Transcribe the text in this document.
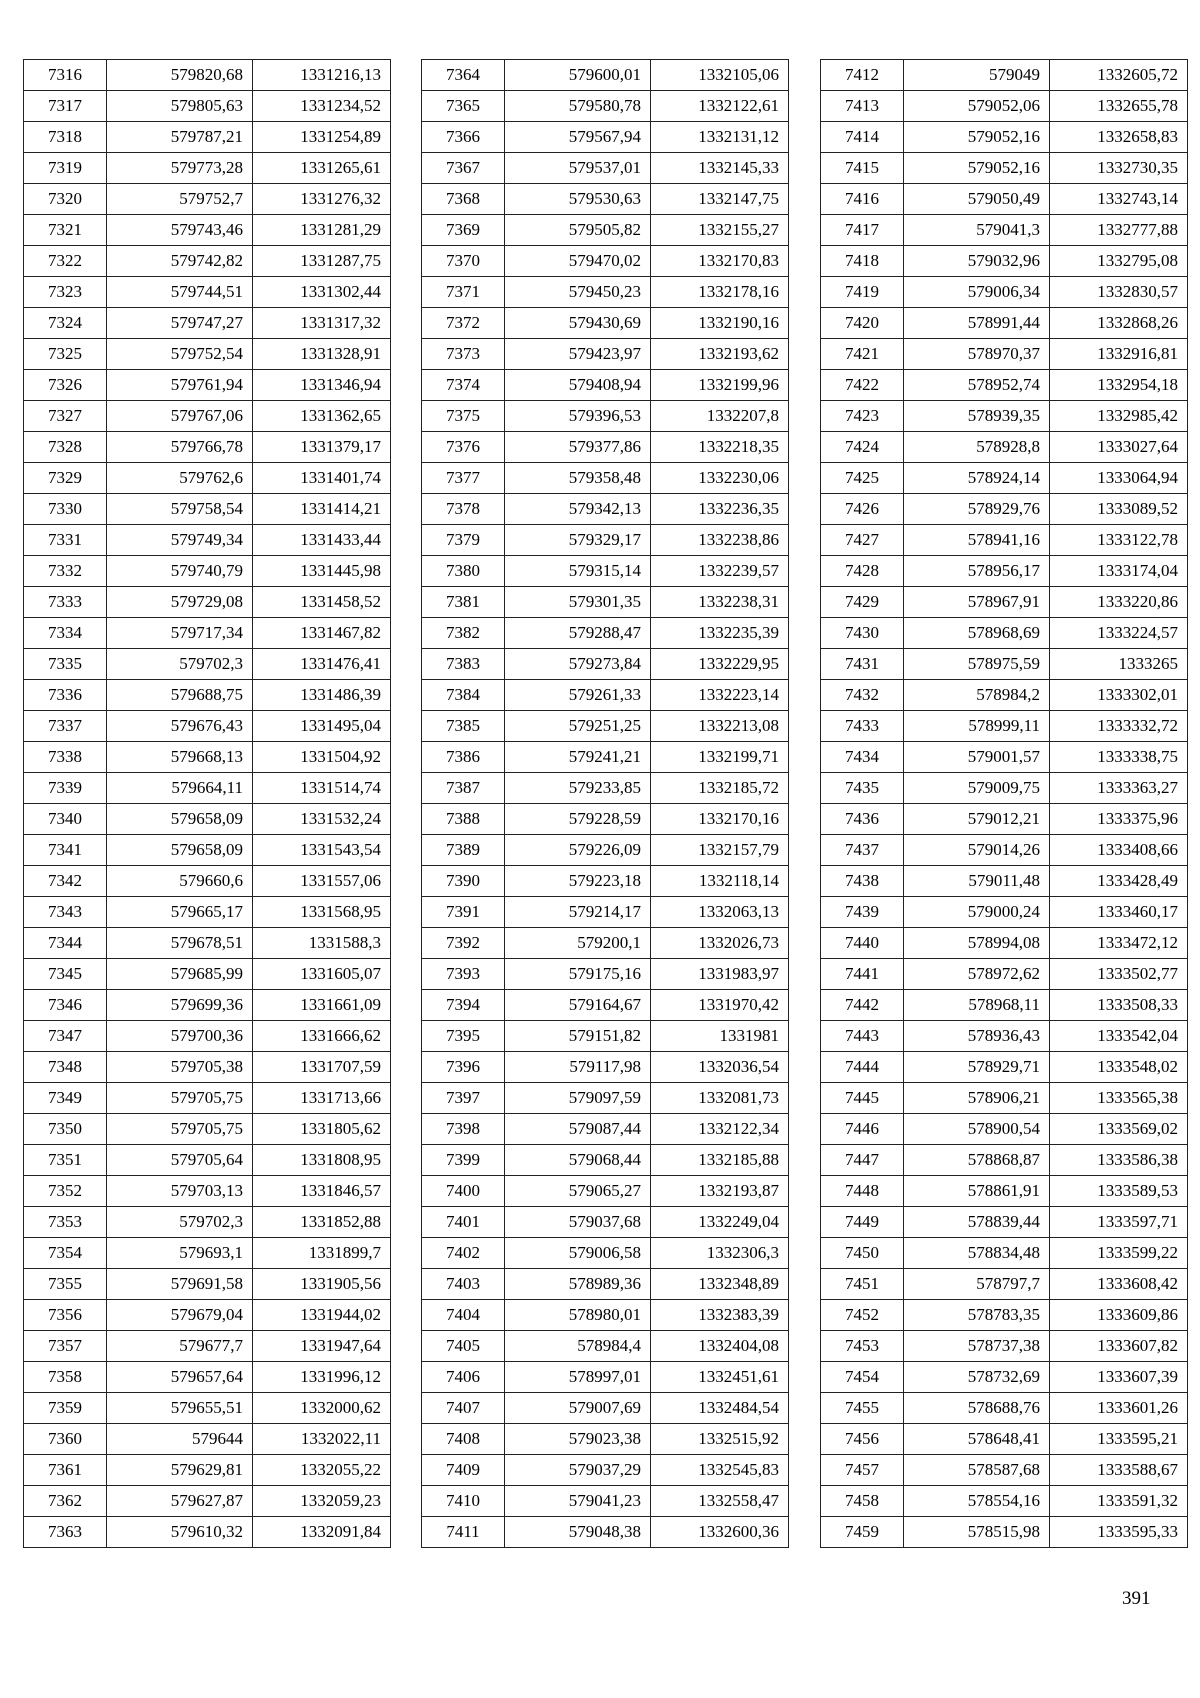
7316	579820,68	1331216,13
7317	579805,63	1331234,52
7318	579787,21	1331254,89
7319	579773,28	1331265,61
7320	579752,7	1331276,32
7321	579743,46	1331281,29
7322	579742,82	1331287,75
7323	579744,51	1331302,44
7324	579747,27	1331317,32
7325	579752,54	1331328,91
7326	579761,94	1331346,94
7327	579767,06	1331362,65
7328	579766,78	1331379,17
7329	579762,6	1331401,74
7330	579758,54	1331414,21
7331	579749,34	1331433,44
7332	579740,79	1331445,98
7333	579729,08	1331458,52
7334	579717,34	1331467,82
7335	579702,3	1331476,41
7336	579688,75	1331486,39
7337	579676,43	1331495,04
7338	579668,13	1331504,92
7339	579664,11	1331514,74
7340	579658,09	1331532,24
7341	579658,09	1331543,54
7342	579660,6	1331557,06
7343	579665,17	1331568,95
7344	579678,51	1331588,3
7345	579685,99	1331605,07
7346	579699,36	1331661,09
7347	579700,36	1331666,62
7348	579705,38	1331707,59
7349	579705,75	1331713,66
7350	579705,75	1331805,62
7351	579705,64	1331808,95
7352	579703,13	1331846,57
7353	579702,3	1331852,88
7354	579693,1	1331899,7
7355	579691,58	1331905,56
7356	579679,04	1331944,02
7357	579677,7	1331947,64
7358	579657,64	1331996,12
7359	579655,51	1332000,62
7360	579644	1332022,11
7361	579629,81	1332055,22
7362	579627,87	1332059,23
7363	579610,32	1332091,84
7364	579600,01	1332105,06
7365	579580,78	1332122,61
7366	579567,94	1332131,12
7367	579537,01	1332145,33
7368	579530,63	1332147,75
7369	579505,82	1332155,27
7370	579470,02	1332170,83
7371	579450,23	1332178,16
7372	579430,69	1332190,16
7373	579423,97	1332193,62
7374	579408,94	1332199,96
7375	579396,53	1332207,8
7376	579377,86	1332218,35
7377	579358,48	1332230,06
7378	579342,13	1332236,35
7379	579329,17	1332238,86
7380	579315,14	1332239,57
7381	579301,35	1332238,31
7382	579288,47	1332235,39
7383	579273,84	1332229,95
7384	579261,33	1332223,14
7385	579251,25	1332213,08
7386	579241,21	1332199,71
7387	579233,85	1332185,72
7388	579228,59	1332170,16
7389	579226,09	1332157,79
7390	579223,18	1332118,14
7391	579214,17	1332063,13
7392	579200,1	1332026,73
7393	579175,16	1331983,97
7394	579164,67	1331970,42
7395	579151,82	1331981
7396	579117,98	1332036,54
7397	579097,59	1332081,73
7398	579087,44	1332122,34
7399	579068,44	1332185,88
7400	579065,27	1332193,87
7401	579037,68	1332249,04
7402	579006,58	1332306,3
7403	578989,36	1332348,89
7404	578980,01	1332383,39
7405	578984,4	1332404,08
7406	578997,01	1332451,61
7407	579007,69	1332484,54
7408	579023,38	1332515,92
7409	579037,29	1332545,83
7410	579041,23	1332558,47
7411	579048,38	1332600,36
7412	579049	1332605,72
7413	579052,06	1332655,78
7414	579052,16	1332658,83
7415	579052,16	1332730,35
7416	579050,49	1332743,14
7417	579041,3	1332777,88
7418	579032,96	1332795,08
7419	579006,34	1332830,57
7420	578991,44	1332868,26
7421	578970,37	1332916,81
7422	578952,74	1332954,18
7423	578939,35	1332985,42
7424	578928,8	1333027,64
7425	578924,14	1333064,94
7426	578929,76	1333089,52
7427	578941,16	1333122,78
7428	578956,17	1333174,04
7429	578967,91	1333220,86
7430	578968,69	1333224,57
7431	578975,59	1333265
7432	578984,2	1333302,01
7433	578999,11	1333332,72
7434	579001,57	1333338,75
7435	579009,75	1333363,27
7436	579012,21	1333375,96
7437	579014,26	1333408,66
7438	579011,48	1333428,49
7439	579000,24	1333460,17
7440	578994,08	1333472,12
7441	578972,62	1333502,77
7442	578968,11	1333508,33
7443	578936,43	1333542,04
7444	578929,71	1333548,02
7445	578906,21	1333565,38
7446	578900,54	1333569,02
7447	578868,87	1333586,38
7448	578861,91	1333589,53
7449	578839,44	1333597,71
7450	578834,48	1333599,22
7451	578797,7	1333608,42
7452	578783,35	1333609,86
7453	578737,38	1333607,82
7454	578732,69	1333607,39
7455	578688,76	1333601,26
7456	578648,41	1333595,21
7457	578587,68	1333588,67
7458	578554,16	1333591,32
7459	578515,98	1333595,33
391
